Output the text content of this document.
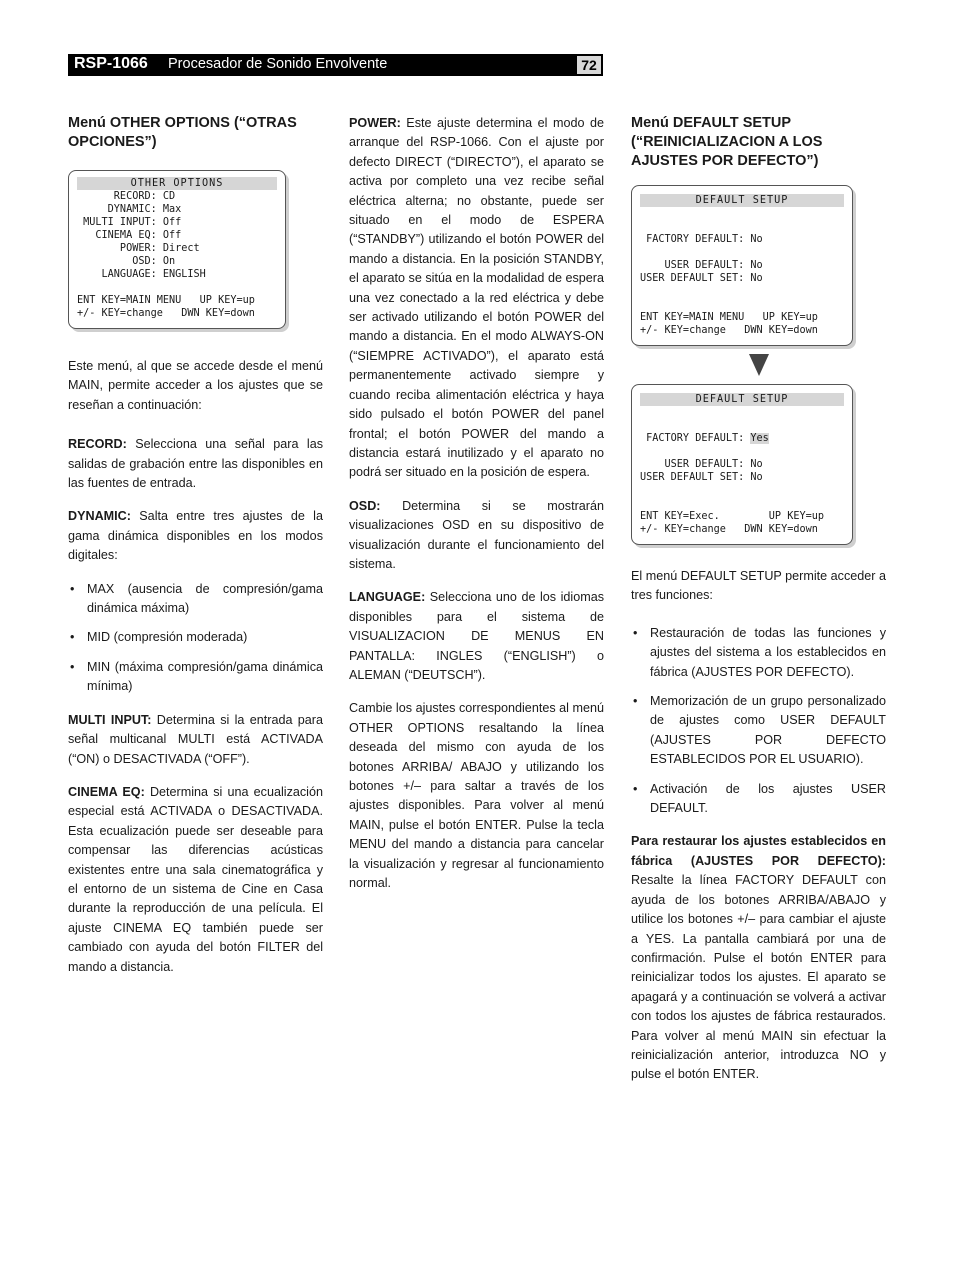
RSP-1066 Procesador de Sonido Envolvente	72
Menú OTHER OPTIONS (“OTRAS OPCIONES”)
OTHER OPTIONS
RECORD: CD
DYNAMIC: Max
MULTI INPUT: Off
CINEMA EQ: Off
POWER: Direct
OSD: On
LANGUAGE: ENGLISH
ENT KEY=MAIN MENU   UP KEY=up
+/- KEY=change   DWN KEY=down

Este menú, al que se accede desde el menú MAIN, permite acceder a los ajustes que se reseñan a continuación:

RECORD: Selecciona una señal para las salidas de grabación entre las disponibles en las fuentes de entrada.

DYNAMIC: Salta entre tres ajustes de la gama dinámica disponibles en los modos digitales:

• MAX (ausencia de compresión/gama dinámica máxima)
• MID (compresión moderada)
• MIN (máxima compresión/gama dinámica mínima)

MULTI INPUT: Determina si la entrada para señal multicanal MULTI está ACTIVADA (“ON) o DESACTIVADA (“OFF”).

CINEMA EQ: Determina si una ecualización especial está ACTIVADA o DESACTIVADA. Esta ecualización puede ser deseable para compensar las diferencias acústicas existentes entre una sala cinematográfica y el entorno de un sistema de Cine en Casa durante la reproducción de una película. El ajuste CINEMA EQ también puede ser cambiado con ayuda del botón FILTER del mando a distancia.

POWER: Este ajuste determina el modo de arranque del RSP-1066. Con el ajuste por defecto DIRECT (“DIRECTO”), el aparato se activa por completo una vez recibe señal eléctrica alterna; no obstante, puede ser situado en el modo de ESPERA (“STANDBY”) utilizando el botón POWER del mando a distancia. En la posición STANDBY, el aparato se sitúa en la modalidad de espera una vez conectado a la red eléctrica y debe ser activado utilizando el botón POWER del mando a distancia. En el modo ALWAYS-ON (“SIEMPRE ACTIVADO”), el aparato está permanentemente activado siempre y cuando reciba alimentación eléctrica y haya sido pulsado el botón POWER del panel frontal; el botón POWER del mando a distancia estará inutilizado y el aparato no podrá ser situado en la posición de espera.

OSD: Determina si se mostrarán visualizaciones OSD en su dispositivo de visualización durante el funcionamiento del sistema.

LANGUAGE: Selecciona uno de los idiomas disponibles para el sistema de VISUALIZACION DE MENUS EN PANTALLA: INGLES (“ENGLISH”) o ALEMAN (“DEUTSCH”).

Cambie los ajustes correspondientes al menú OTHER OPTIONS resaltando la línea deseada del mismo con ayuda de los botones ARRIBA/ ABAJO y utilizando los botones +/– para saltar a través de los ajustes disponibles. Para volver al menú MAIN, pulse el botón ENTER. Pulse la tecla MENU del mando a distancia para cancelar la visualización y regresar al funcionamiento normal.

Menú DEFAULT SETUP (“REINICIALIZACION A LOS AJUSTES POR DEFECTO”)
DEFAULT SETUP
FACTORY DEFAULT: No
USER DEFAULT: No
USER DEFAULT SET: No
ENT KEY=MAIN MENU   UP KEY=up
+/- KEY=change   DWN KEY=down
DEFAULT SETUP
FACTORY DEFAULT: Yes
USER DEFAULT: No
USER DEFAULT SET: No
ENT KEY=Exec.        UP KEY=up
+/- KEY=change   DWN KEY=down

El menú DEFAULT SETUP permite acceder a tres funciones:

• Restauración de todas las funciones y ajustes del sistema a los establecidos en fábrica (AJUSTES POR DEFECTO).
• Memorización de un grupo personalizado de ajustes como USER DEFAULT (AJUSTES POR DEFECTO ESTABLECIDOS POR EL USUARIO).
• Activación de los ajustes USER DEFAULT.

Para restaurar los ajustes establecidos en fábrica (AJUSTES POR DEFECTO): Resalte la línea FACTORY DEFAULT con ayuda de los botones ARRIBA/ABAJO y utilice los botones +/– para cambiar el ajuste a YES. La pantalla cambiará por una de confirmación. Pulse el botón ENTER para reinicializar todos los ajustes. El aparato se apagará y a continuación se volverá a activar con todos los ajustes de fábrica restaurados. Para volver al menú MAIN sin efectuar la reinicialización anterior, introduzca NO y pulse el botón ENTER.
